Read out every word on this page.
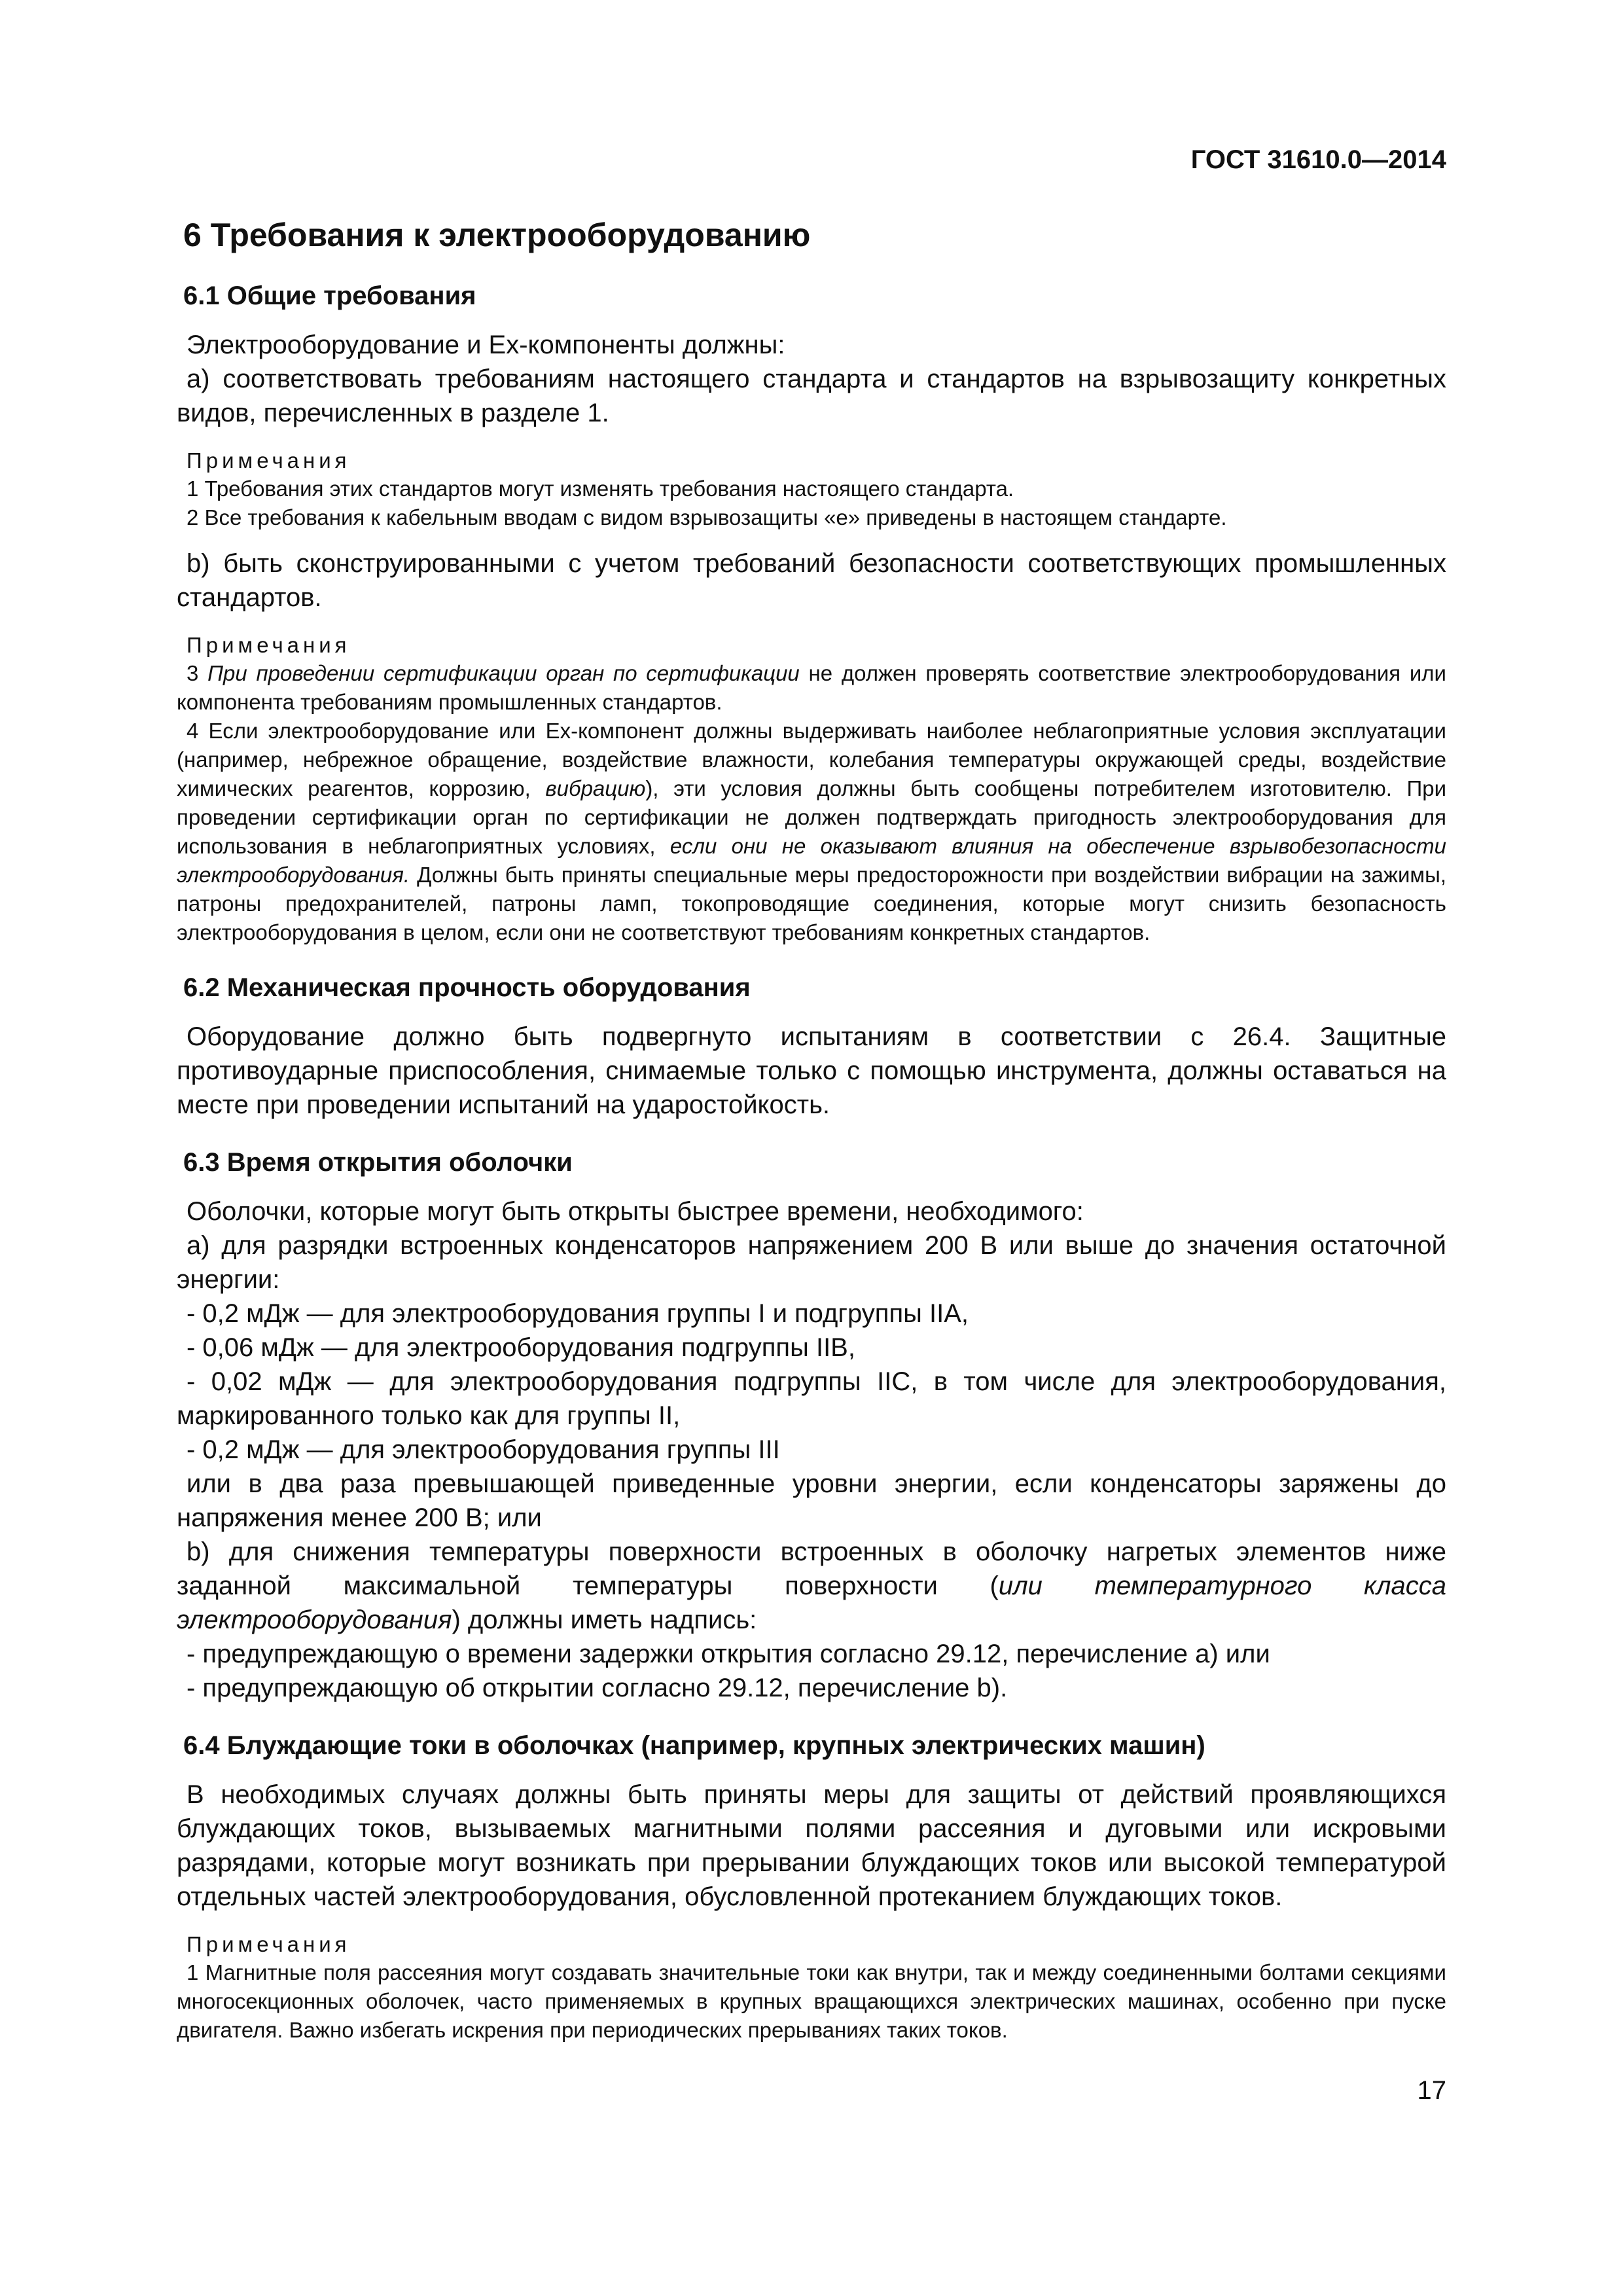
ГОСТ 31610.0—2014
6 Требования к электрооборудованию
6.1 Общие требования

Электрооборудование и Ex-компоненты должны:

а) соответствовать требованиям настоящего стандарта и стандартов на взрывозащиту конкретных видов, перечисленных в разделе 1.

Примечания

1 Требования этих стандартов могут изменять требования настоящего стандарта.

2 Все требования к кабельным вводам с видом взрывозащиты «е» приведены в настоящем стандарте.

b) быть сконструированными с учетом требований безопасности соответствующих промышленных стандартов.

Примечания

3 При проведении сертификации орган по сертификации не должен проверять соответствие электрооборудования или компонента требованиям промышленных стандартов.

4 Если электрооборудование или Ex-компонент должны выдерживать наиболее неблагоприятные условия эксплуатации (например, небрежное обращение, воздействие влажности, колебания температуры окружающей среды, воздействие химических реагентов, коррозию, вибрацию), эти условия должны быть сообщены потребителем изготовителю. При проведении сертификации орган по сертификации не должен подтверждать пригодность электрооборудования для использования в неблагоприятных условиях, если они не оказывают влияния на обеспечение взрывобезопасности электрооборудования. Должны быть приняты специальные меры предосторожности при воздействии вибрации на зажимы, патроны предохранителей, патроны ламп, токопроводящие соединения, которые могут снизить безопасность электрооборудования в целом, если они не соответствуют требованиям конкретных стандартов.

6.2 Механическая прочность оборудования

Оборудование должно быть подвергнуто испытаниям в соответствии с 26.4. Защитные противоударные приспособления, снимаемые только с помощью инструмента, должны оставаться на месте при проведении испытаний на ударостойкость.

6.3 Время открытия оболочки

Оболочки, которые могут быть открыты быстрее времени, необходимого:

а) для разрядки встроенных конденсаторов напряжением 200 В или выше до значения остаточной энергии:

- 0,2 мДж — для электрооборудования группы I и подгруппы IIA,

- 0,06 мДж — для электрооборудования подгруппы IIB,

- 0,02 мДж — для электрооборудования подгруппы IIC, в том числе для электрооборудования, маркированного только как для группы II,

- 0,2 мДж — для электрооборудования группы III

или в два раза превышающей приведенные уровни энергии, если конденсаторы заряжены до напряжения менее 200 В; или

b) для снижения температуры поверхности встроенных в оболочку нагретых элементов ниже заданной максимальной температуры поверхности (или температурного класса электрооборудования) должны иметь надпись:

- предупреждающую о времени задержки открытия согласно 29.12, перечисление а) или

- предупреждающую об открытии согласно 29.12, перечисление b).

6.4 Блуждающие токи в оболочках (например, крупных электрических машин)

В необходимых случаях должны быть приняты меры для защиты от действий проявляющихся блуждающих токов, вызываемых магнитными полями рассеяния и дуговыми или искровыми разрядами, которые могут возникать при прерывании блуждающих токов или высокой температурой отдельных частей электрооборудования, обусловленной протеканием блуждающих токов.

Примечания

1 Магнитные поля рассеяния могут создавать значительные токи как внутри, так и между соединенными болтами секциями многосекционных оболочек, часто применяемых в крупных вращающихся электрических машинах, особенно при пуске двигателя. Важно избегать искрения при периодических прерываниях таких токов.

17
